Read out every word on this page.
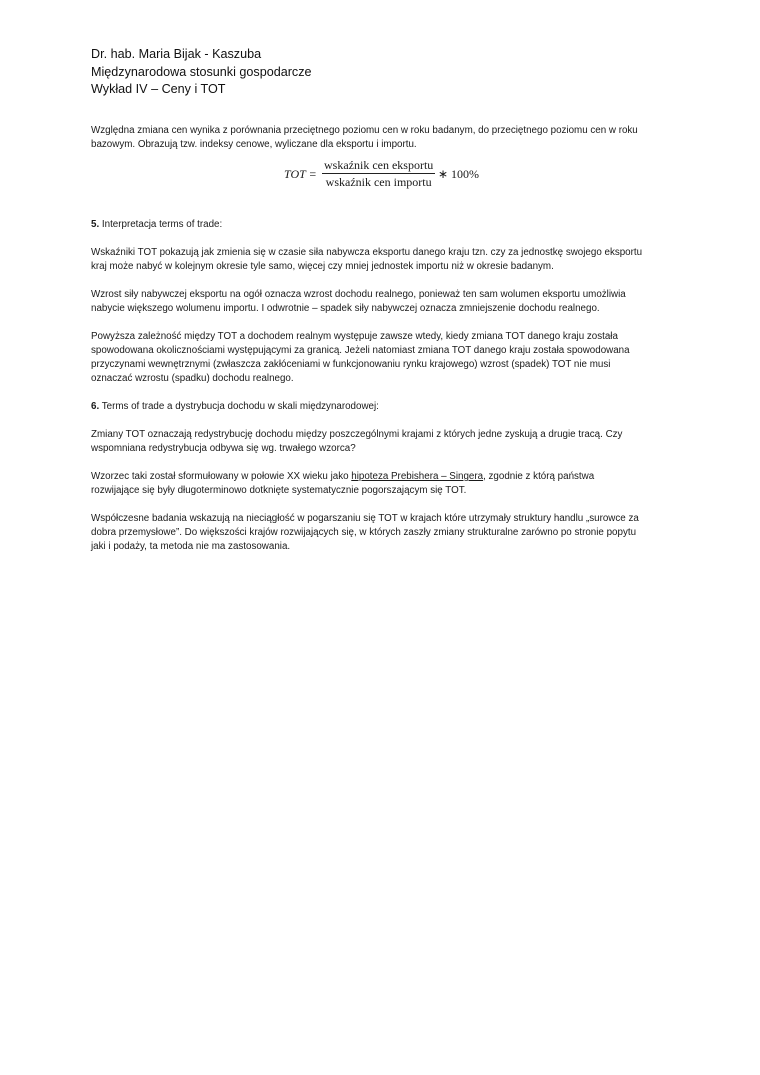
Dr. hab. Maria Bijak - Kaszuba
Międzynarodowa stosunki gospodarcze
Wykład IV – Ceny i TOT

Względna zmiana cen wynika z porównania przeciętnego poziomu cen w roku badanym, do przeciętnego poziomu cen w roku
bazowym. Obrazują tzw. indeksy cenowe, wyliczane dla eksportu i importu.

TOT =
wskaźnik cen eksportu
wskaźnik cen importu
∗ 100%

5. Interpretacja terms of trade:

Wskaźniki TOT pokazują jak zmienia się w czasie siła nabywcza eksportu danego kraju tzn. czy za jednostkę swojego eksportu
kraj może nabyć w kolejnym okresie tyle samo, więcej czy mniej jednostek importu niż w okresie badanym.

Wzrost siły nabywczej eksportu na ogół oznacza wzrost dochodu realnego, ponieważ ten sam wolumen eksportu umożliwia
nabycie większego wolumenu importu. I odwrotnie – spadek siły nabywczej oznacza zmniejszenie dochodu realnego.

Powyższa zależność między TOT a dochodem realnym występuje zawsze wtedy, kiedy zmiana TOT danego kraju została
spowodowana okolicznościami występującymi za granicą. Jeżeli natomiast zmiana TOT danego kraju została spowodowana
przyczynami wewnętrznymi (zwłaszcza zakłóceniami w funkcjonowaniu rynku krajowego) wzrost (spadek) TOT nie musi
oznaczać wzrostu (spadku) dochodu realnego.

6. Terms of trade a dystrybucja dochodu w skali międzynarodowej:

Zmiany TOT oznaczają redystrybucję dochodu między poszczególnymi krajami z których jedne zyskują a drugie tracą. Czy
wspomniana redystrybucja odbywa się wg. trwałego wzorca?

Wzorzec taki został sformułowany w połowie XX wieku jako hipoteza Prebishera – Singera, zgodnie z którą państwa
rozwijające się były długoterminowo dotknięte systematycznie pogorszającym się TOT.

Współczesne badania wskazują na nieciągłość w pogarszaniu się TOT w krajach które utrzymały struktury handlu „surowce za
dobra przemysłowe”. Do większości krajów rozwijających się, w których zaszły zmiany strukturalne zarówno po stronie popytu
jaki i podaży, ta metoda nie ma zastosowania.
